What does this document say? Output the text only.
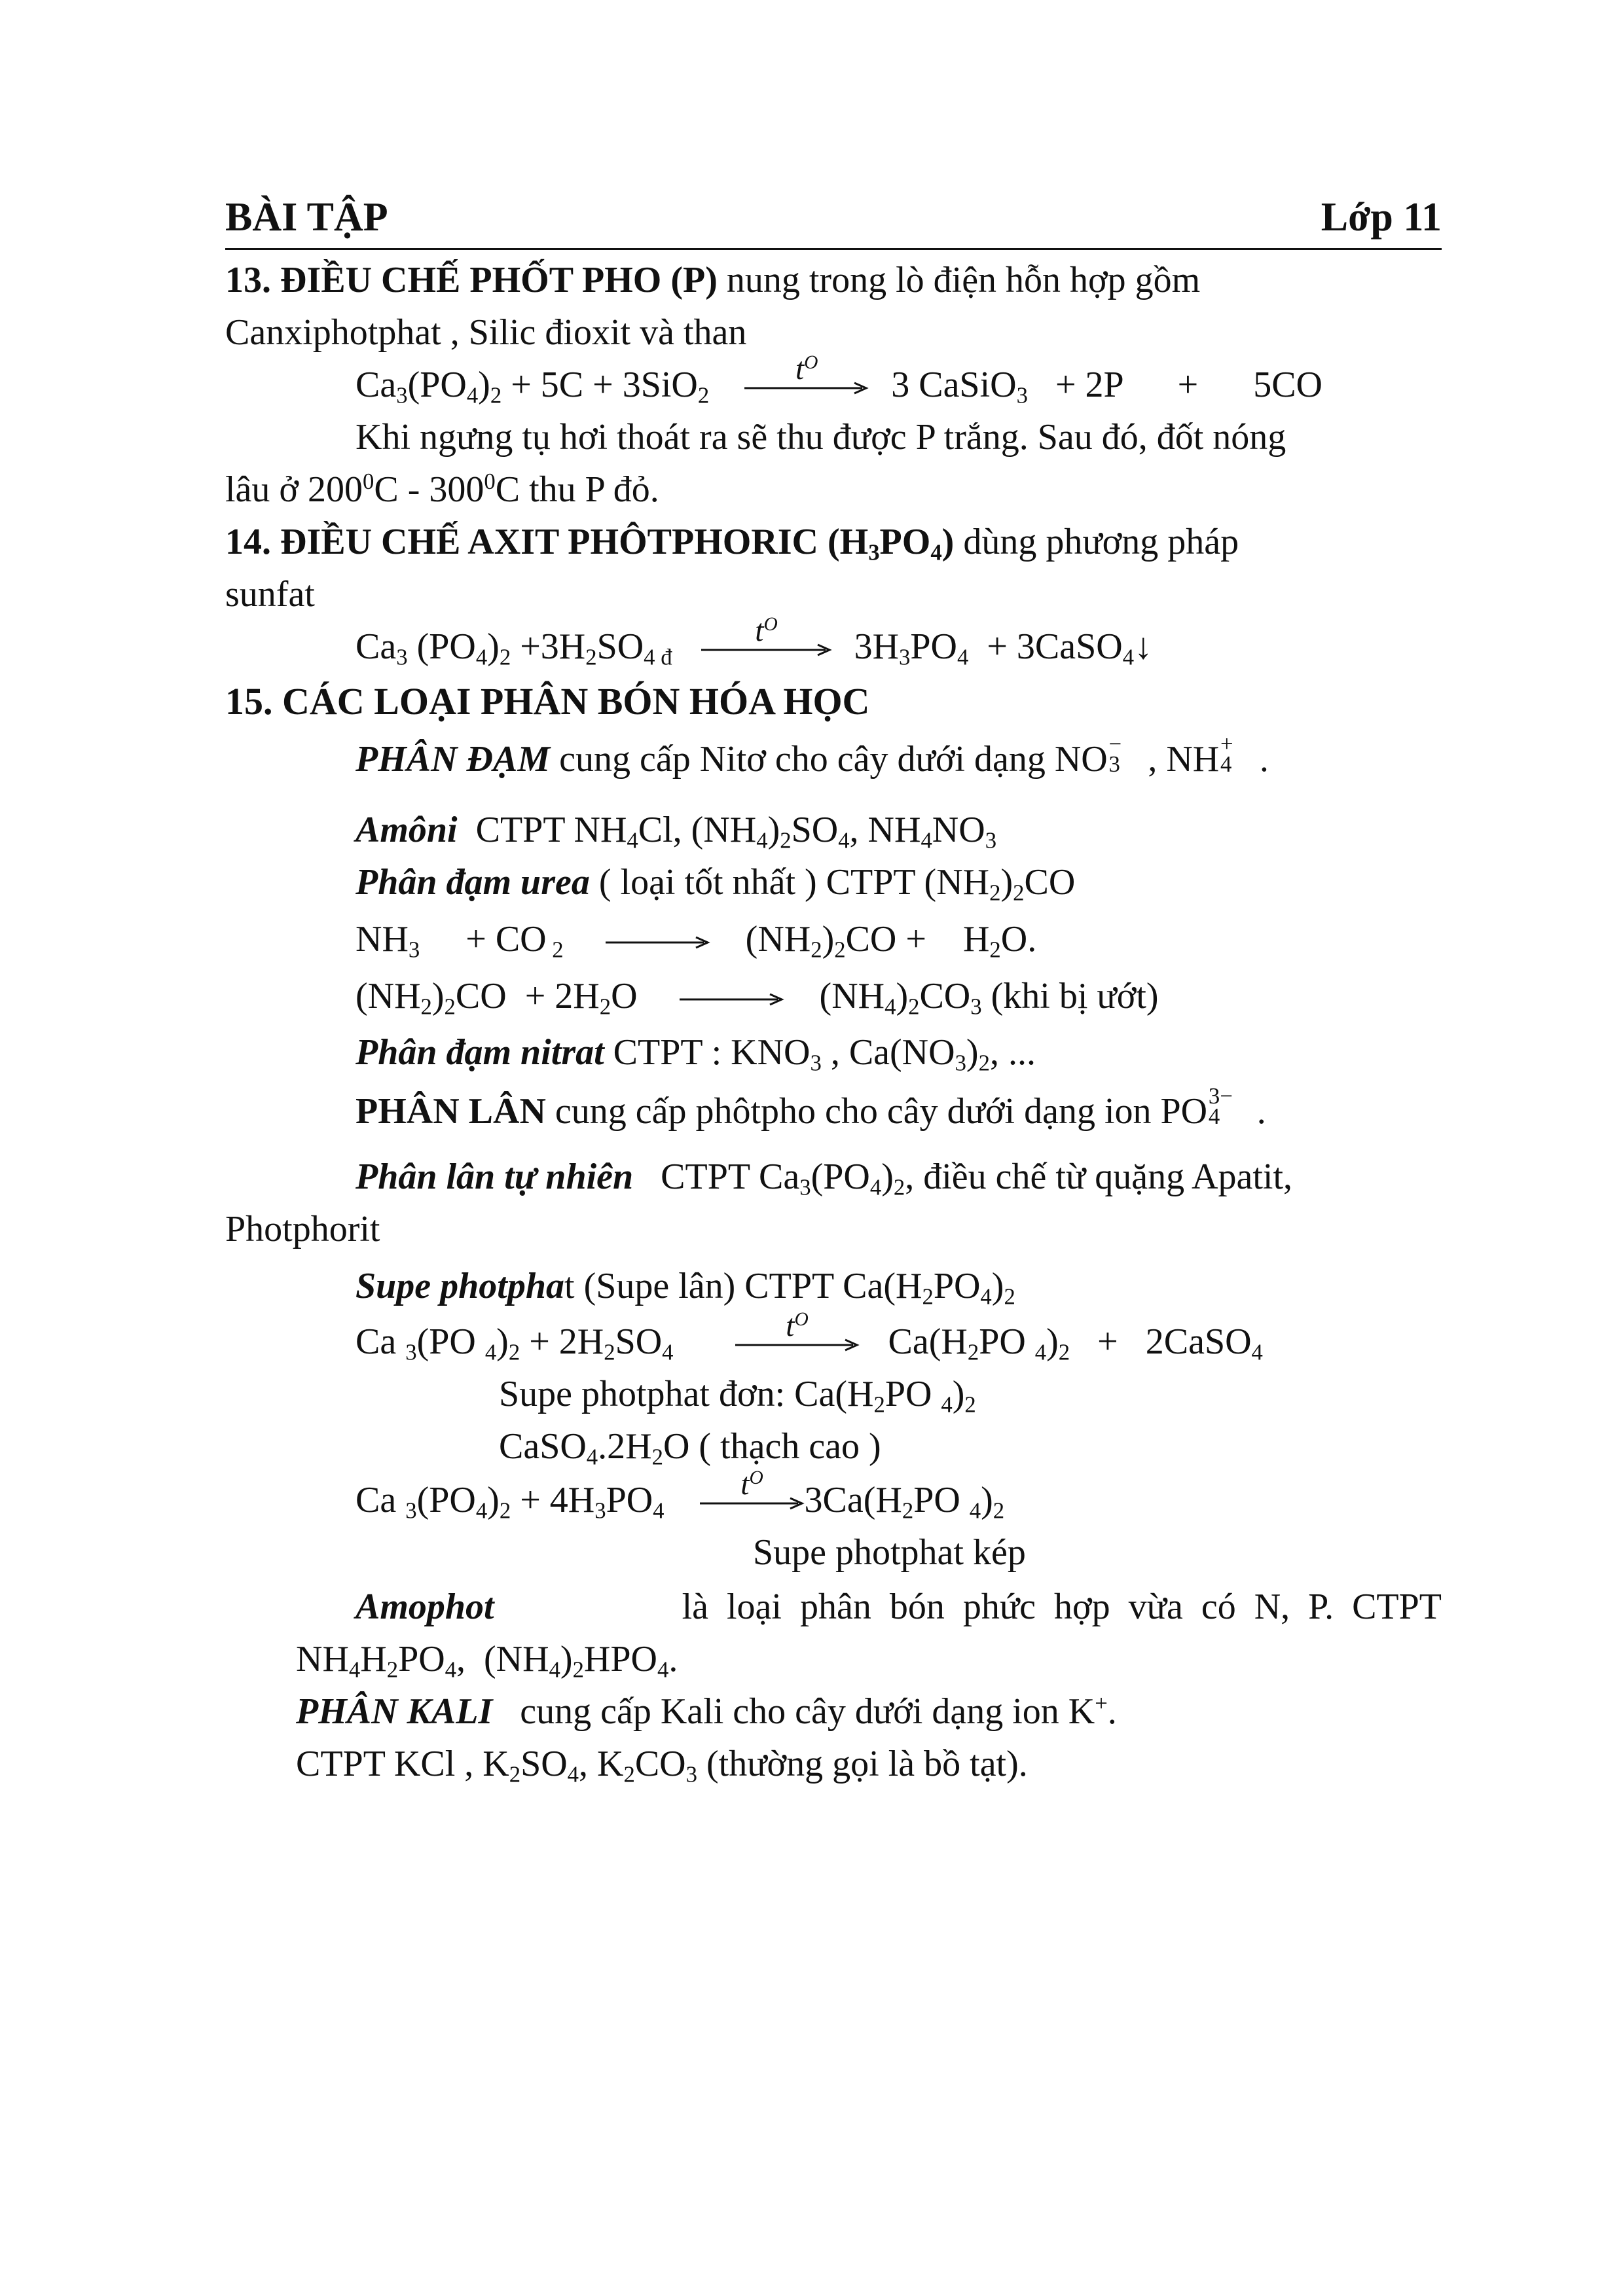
BÀI TẬP	Lớp 11
13. ĐIỀU CHẾ PHỐT PHO (P) nung trong lò điện hỗn hợp gồm
Canxiphotphat , Silic đioxit và than
$Ca_3(PO_4)_2 + 5C + 3SiO_2$
$t^O$
3 CaSiO$_3$ + 2P + 5CO
Khi ngưng tụ hơi thoát ra sẽ thu được P trắng. Sau đó, đốt nóng
lâu ở $200^0C - 300^0C$ thu P đỏ.
14. ĐIỀU CHẾ AXIT PHÔTPHORIC $(H_3PO_4)$ dùng phương pháp
sunfat
$Ca_3$ $(PO_4)_2 +3H_2SO_{4 đ}$
$t^O$
$3H_3PO_4$  + 3CaSO$_4$↓
15. CÁC LOẠI PHÂN BÓN HÓA HỌC
PHÂN ĐẠM cung cấp Nitơ cho cây dưới dạng NO −
3 , NH +
4 .
Amôni  CTPT $NH_4Cl$, $(NH_4)_2SO_4$, $NH_4NO_3$
Phân đạm urea ( loại tốt nhất ) CTPT $(NH_2)_2CO$
$NH_3$     + CO $_2$	$(NH_2)_2CO$ +    $H_2O$.
$(NH_2)_2CO + 2H_2O$	$(NH_4)_2CO_3$ (khi bị ướt)
Phân đạm nitrat CTPT : $KNO_3$ , $Ca(NO_3)_2$, ...
PHÂN LÂN cung cấp phôtpho cho cây dưới dạng ion PO 3−
4 .
Phân lân tự nhiên CTPT $Ca_3(PO_4)_2$, điều chế từ quặng Apatit,
Photphorit
Supe photphat (Supe lân) CTPT $Ca(H_2PO_4)_2$
Ca $_3$(PO $_4)_2 + 2H_2SO_4$
$t^O$
$Ca(H_2PO$ $_4)_2$   +   2CaSO$_4$
Supe photphat đơn: $Ca(H_2PO$ $_4)_2$
$CaSO_4.2H_2O$ ( thạch cao )
Ca $_3(PO_4)_2 + 4H_3PO_4$
$t^O$
$3Ca(H_2PO$ $_4)_2$
Supe photphat kép
Amophot	là loại phân bón phức hợp vừa có N, P. CTPT
$NH_4H_2PO_4$,  $(NH_4)_2HPO_4$.
PHÂN KALI cung cấp Kali cho cây dưới dạng ion K+.
CTPT KCl , $K_2SO_4$, $K_2CO_3$ (thường gọi là bồ tạt).
